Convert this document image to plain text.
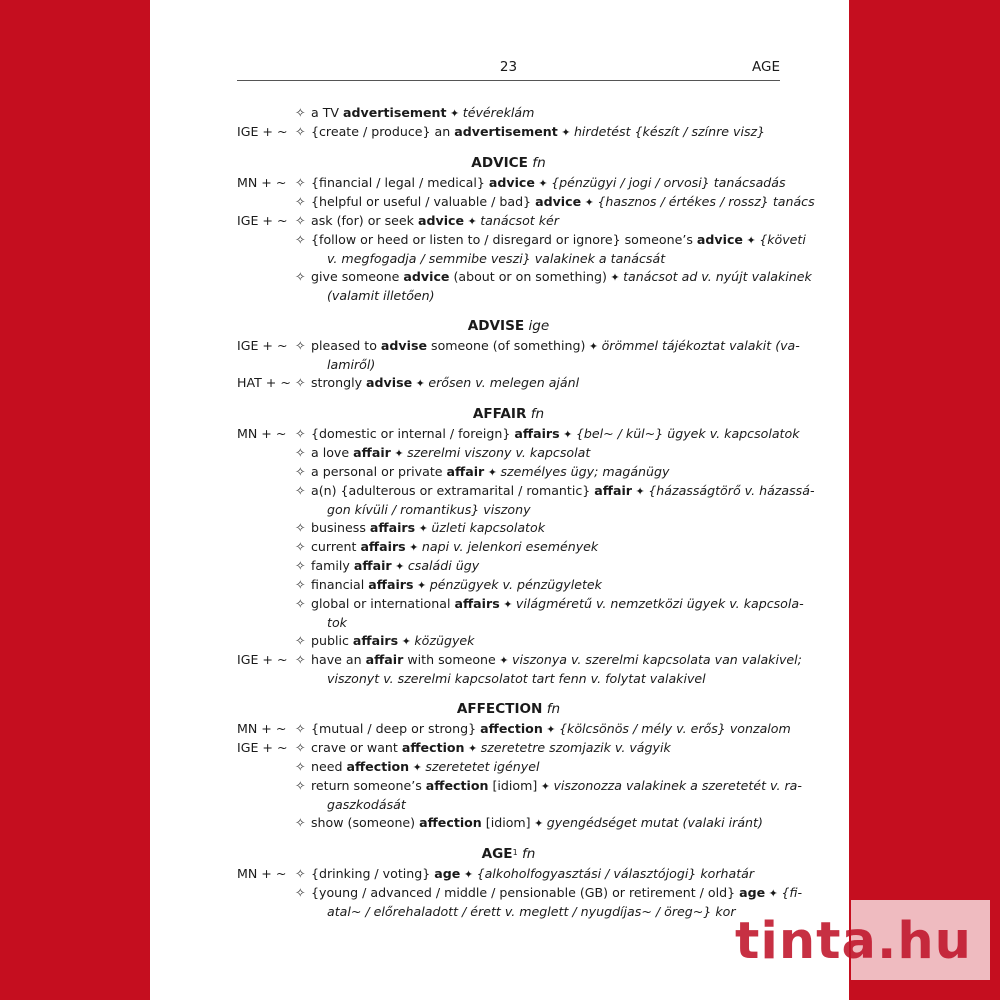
23	AGE
✧ a TV advertisement ✦ tévéreklám
IGE + ~ ✧ {create / produce} an advertisement ✦ hirdetést {készít / színre visz}
ADVICE fn
MN + ~ ✧ {financial / legal / medical} advice ✦ {pénzügyi / jogi / orvosi} tanácsadás
✧ {helpful or useful / valuable / bad} advice ✦ {hasznos / értékes / rossz} tanács
IGE + ~ ✧ ask (for) or seek advice ✦ tanácsot kér
✧ {follow or heed or listen to / disregard or ignore} someone’s advice ✦ {követi
v. megfogadja / semmibe veszi} valakinek a tanácsát
✧ give someone advice (about or on something) ✦ tanácsot ad v. nyújt valakinek
(valamit illetően)
ADVISE ige
IGE + ~ ✧ pleased to advise someone (of something) ✦ örömmel tájékoztat valakit (va-
lamiről)
HAT + ~ ✧ strongly advise ✦ erősen v. melegen ajánl
AFFAIR fn
MN + ~ ✧ {domestic or internal / foreign} affairs ✦ {bel~ / kül~} ügyek v. kapcsolatok
✧ a love affair ✦ szerelmi viszony v. kapcsolat
✧ a personal or private affair ✦ személyes ügy; magánügy
✧ a(n) {adulterous or extramarital / romantic} affair ✦ {házasságtörő v. házassá-
gon kívüli / romantikus} viszony
✧ business affairs ✦ üzleti kapcsolatok
✧ current affairs ✦ napi v. jelenkori események
✧ family affair ✦ családi ügy
✧ financial affairs ✦ pénzügyek v. pénzügyletek
✧ global or international affairs ✦ világméretű v. nemzetközi ügyek v. kapcsola-
tok
✧ public affairs ✦ közügyek
IGE + ~ ✧ have an affair with someone ✦ viszonya v. szerelmi kapcsolata van valakivel;
viszonyt v. szerelmi kapcsolatot tart fenn v. folytat valakivel
AFFECTION fn
MN + ~ ✧ {mutual / deep or strong} affection ✦ {kölcsönös / mély v. erős} vonzalom
IGE + ~ ✧ crave or want affection ✦ szeretetre szomjazik v. vágyik
✧ need affection ✦ szeretetet igényel
✧ return someone’s affection [idiom] ✦ viszonozza valakinek a szeretetét v. ra-
gaszkodását
✧ show (someone) affection [idiom] ✦ gyengédséget mutat (valaki iránt)
AGE$^1$ fn
MN + ~ ✧ {drinking / voting} age ✦ {alkoholfogyasztási / választójogi} korhatár
✧ {young / advanced / middle / pensionable (GB) or retirement / old} age ✦ {fi-
atal~ / előrehaladott / érett v. meglett / nyugdíjas~ / öreg~} kor
tinta.hu
